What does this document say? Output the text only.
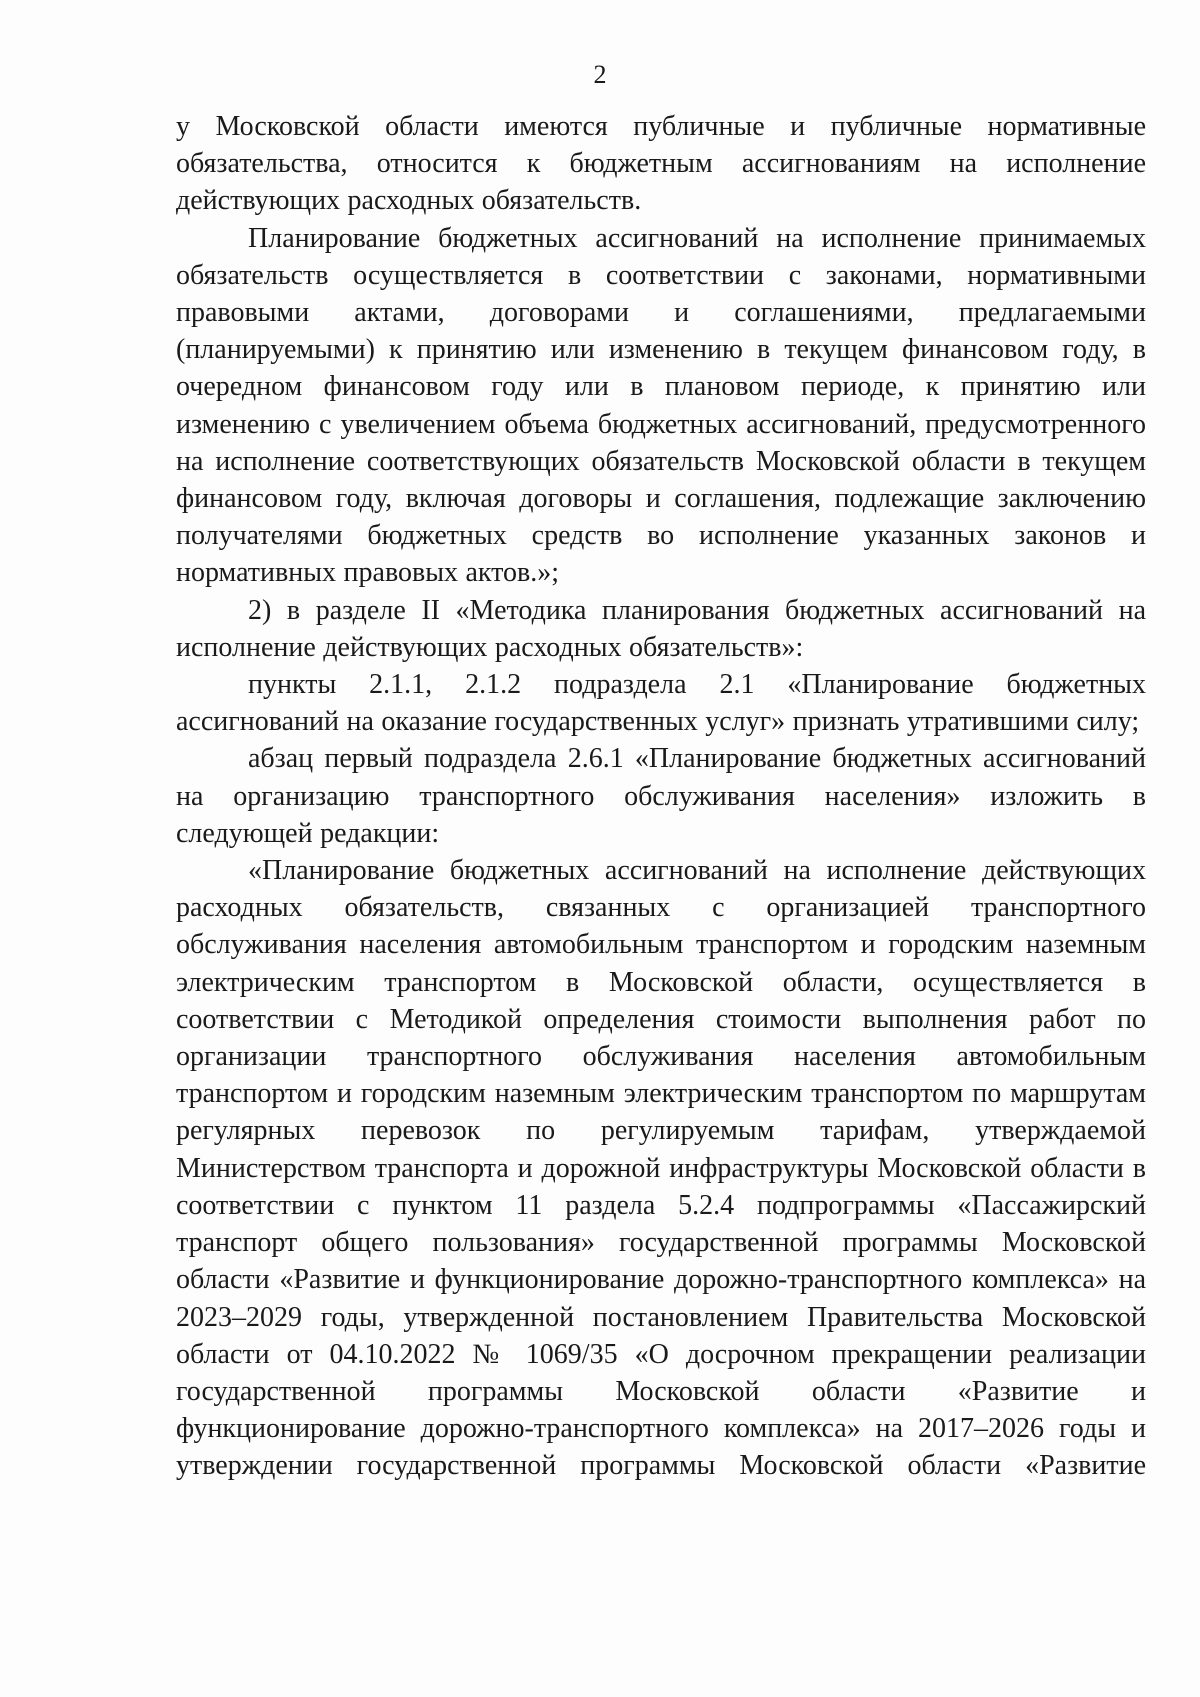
2

у Московской области имеются публичные и публичные нормативные обязательства, относится к бюджетным ассигнованиям на исполнение действующих расходных обязательств.

Планирование бюджетных ассигнований на исполнение принимаемых обязательств осуществляется в соответствии с законами, нормативными правовыми актами, договорами и соглашениями, предлагаемыми (планируемыми) к принятию или изменению в текущем финансовом году, в очередном финансовом году или в плановом периоде, к принятию или изменению с увеличением объема бюджетных ассигнований, предусмотренного на исполнение соответствующих обязательств Московской области в текущем финансовом году, включая договоры и соглашения, подлежащие заключению получателями бюджетных средств во исполнение указанных законов и нормативных правовых актов.»;

2) в разделе II «Методика планирования бюджетных ассигнований на исполнение действующих расходных обязательств»:

пункты 2.1.1, 2.1.2 подраздела 2.1 «Планирование бюджетных ассигнований на оказание государственных услуг» признать утратившими силу;

абзац первый подраздела 2.6.1 «Планирование бюджетных ассигнований на организацию транспортного обслуживания населения» изложить в следующей редакции:

«Планирование бюджетных ассигнований на исполнение действующих расходных обязательств, связанных с организацией транспортного обслуживания населения автомобильным транспортом и городским наземным электрическим транспортом в Московской области, осуществляется в соответствии с Методикой определения стоимости выполнения работ по организации транспортного обслуживания населения автомобильным транспортом и городским наземным электрическим транспортом по маршрутам регулярных перевозок по регулируемым тарифам, утверждаемой Министерством транспорта и дорожной инфраструктуры Московской области в соответствии с пунктом 11 раздела 5.2.4 подпрограммы «Пассажирский транспорт общего пользования» государственной программы Московской области «Развитие и функционирование дорожно-транспортного комплекса» на 2023–2029 годы, утвержденной постановлением Правительства Московской области от 04.10.2022 № 1069/35 «О досрочном прекращении реализации государственной программы Московской области «Развитие и функционирование дорожно-транспортного комплекса» на 2017–2026 годы и утверждении государственной программы Московской области «Развитие
